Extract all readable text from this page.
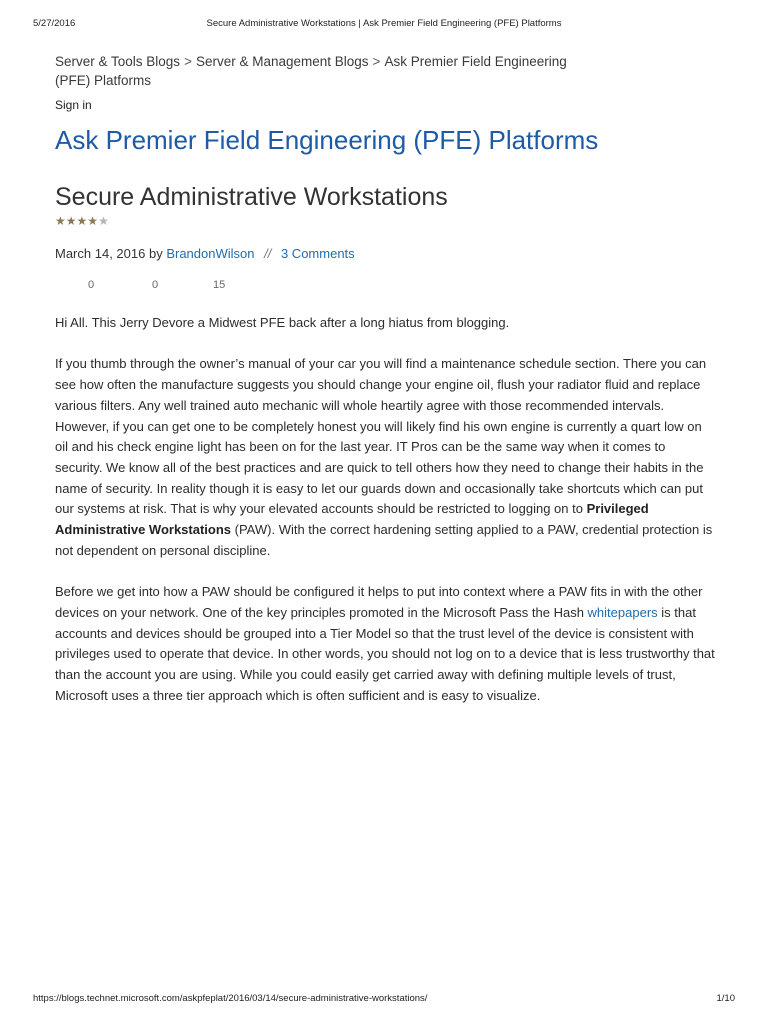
5/27/2016	Secure Administrative Workstations | Ask Premier Field Engineering (PFE) Platforms
Server & Tools Blogs > Server & Management Blogs > Ask Premier Field Engineering (PFE) Platforms
Sign in
Ask Premier Field Engineering (PFE) Platforms
Secure Administrative Workstations
★★★★★
March 14, 2016 by BrandonWilson // 3 Comments
0	0	15

Hi All. This Jerry Devore a Midwest PFE back after a long hiatus from blogging.

If you thumb through the owner’s manual of your car you will find a maintenance schedule section. There you can see how often the manufacture suggests you should change your engine oil, flush your radiator fluid and replace various filters. Any well trained auto mechanic will whole heartily agree with those recommended intervals. However, if you can get one to be completely honest you will likely find his own engine is currently a quart low on oil and his check engine light has been on for the last year. IT Pros can be the same way when it comes to security. We know all of the best practices and are quick to tell others how they need to change their habits in the name of security. In reality though it is easy to let our guards down and occasionally take shortcuts which can put our systems at risk. That is why your elevated accounts should be restricted to logging on to Privileged Administrative Workstations (PAW). With the correct hardening setting applied to a PAW, credential protection is not dependent on personal discipline.

Before we get into how a PAW should be configured it helps to put into context where a PAW fits in with the other devices on your network. One of the key principles promoted in the Microsoft Pass the Hash whitepapers is that accounts and devices should be grouped into a Tier Model so that the trust level of the device is consistent with privileges used to operate that device. In other words, you should not log on to a device that is less trustworthy that than the account you are using. While you could easily get carried away with defining multiple levels of trust, Microsoft uses a three tier approach which is often sufficient and is easy to visualize.

https://blogs.technet.microsoft.com/askpfeplat/2016/03/14/secure-administrative-workstations/	1/10
